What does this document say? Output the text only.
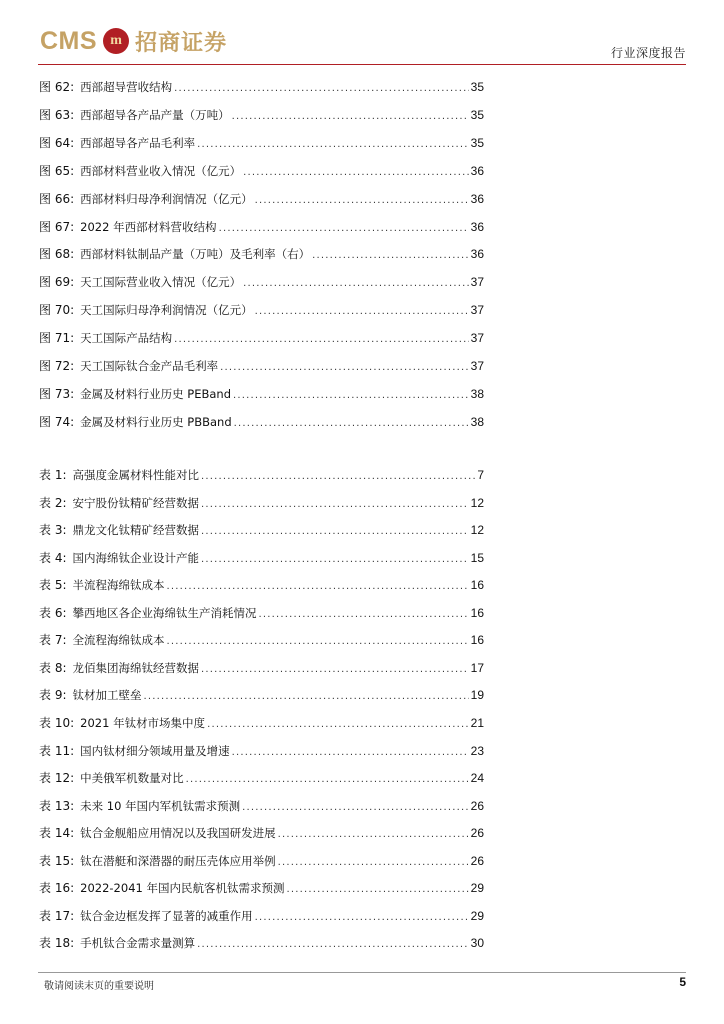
CMS m 招商证券	行业深度报告
图 62: 西部超导营收结构 .....	35
图 63: 西部超导各产品产量（万吨） .....	35
图 64: 西部超导各产品毛利率 .....	35
图 65: 西部材料营业收入情况（亿元） .....	36
图 66: 西部材料归母净利润情况（亿元） .....	36
图 67: 2022 年西部材料营收结构 .....	36
图 68: 西部材料钛制品产量（万吨）及毛利率（右） .....	36
图 69: 天工国际营业收入情况（亿元） .....	37
图 70: 天工国际归母净利润情况（亿元） .....	37
图 71: 天工国际产品结构 .....	37
图 72: 天工国际钛合金产品毛利率 .....	37
图 73: 金属及材料行业历史 PEBand .....	38
图 74: 金属及材料行业历史 PBBand .....	38
表 1: 高强度金属材料性能对比 .....	7
表 2: 安宁股份钛精矿经营数据 .....	12
表 3: 鼎龙文化钛精矿经营数据 .....	12
表 4: 国内海绵钛企业设计产能 .....	15
表 5: 半流程海绵钛成本 .....	16
表 6: 攀西地区各企业海绵钛生产消耗情况 .....	16
表 7: 全流程海绵钛成本 .....	16
表 8: 龙佰集团海绵钛经营数据 .....	17
表 9: 钛材加工壁垒 .....	19
表 10: 2021 年钛材市场集中度 .....	21
表 11: 国内钛材细分领域用量及增速 .....	23
表 12: 中美俄军机数量对比 .....	24
表 13: 未来 10 年国内军机钛需求预测 .....	26
表 14: 钛合金舰船应用情况以及我国研发进展 .....	26
表 15: 钛在潜艇和深潜器的耐压壳体应用举例 .....	26
表 16: 2022-2041 年国内民航客机钛需求预测 .....	29
表 17: 钛合金边框发挥了显著的减重作用 .....	29
表 18: 手机钛合金需求量测算 .....	30
敬请阅读末页的重要说明	5
